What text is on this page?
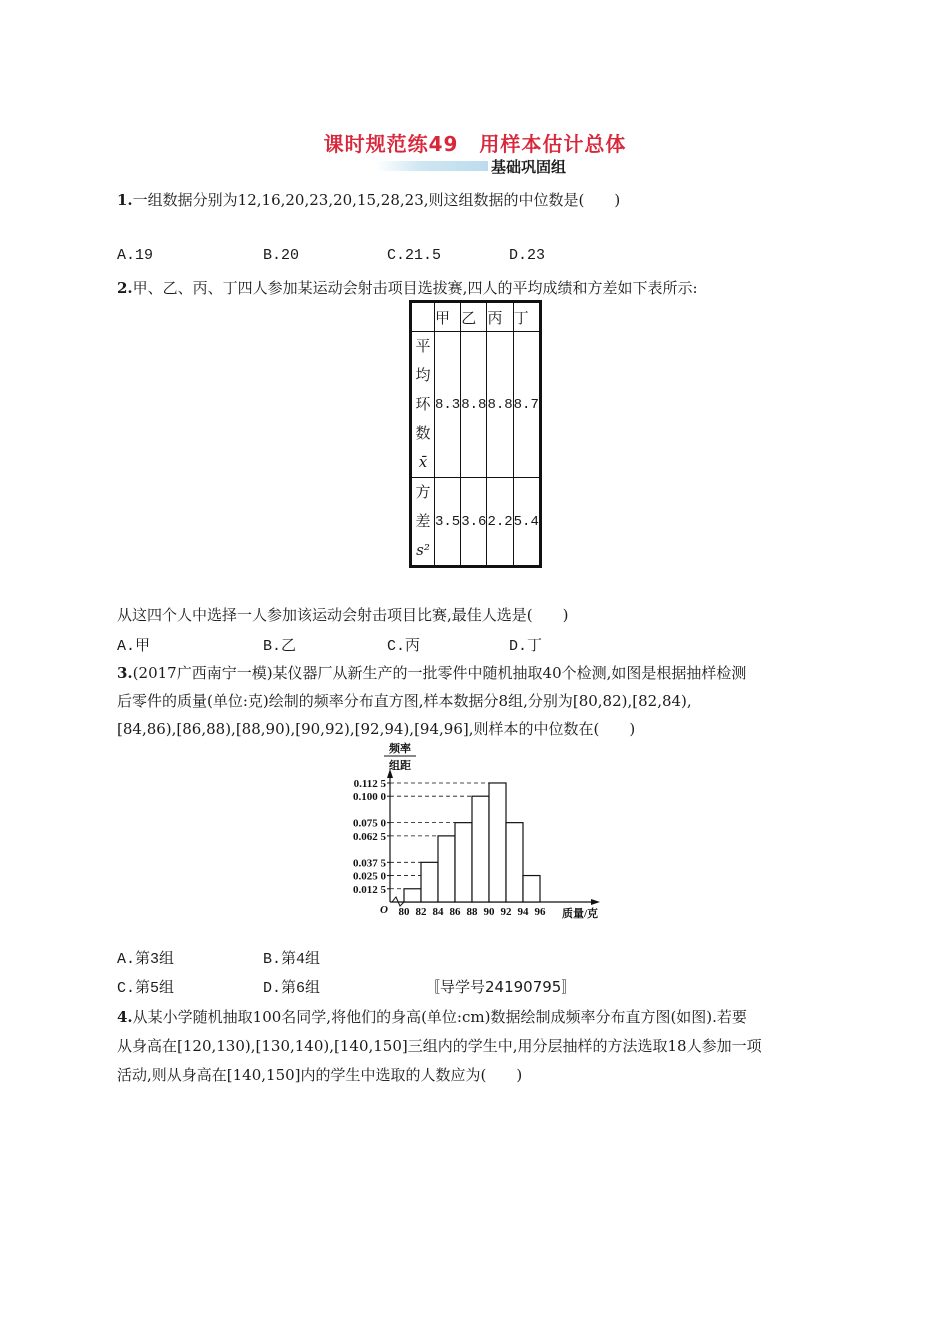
课时规范练49　用样本估计总体
基础巩固组
1.一组数据分别为12,16,20,23,20,15,28,23,则这组数据的中位数是(　　)
A.19	B.20	C.21.5	D.23
2.甲、乙、丙、丁四人参加某运动会射击项目选拔赛,四人的平均成绩和方差如下表所示:
	甲	乙	丙	丁

平
均
环
数
x̄	8.3	8.8	8.8	8.7

方
差
s²	3.5	3.6	2.2	5.4
从这四个人中选择一人参加该运动会射击项目比赛,最佳人选是(　　)
A.甲	B.乙	C.丙	D.丁
3.(2017广西南宁一模)某仪器厂从新生产的一批零件中随机抽取40个检测,如图是根据抽样检测
后零件的质量(单位:克)绘制的频率分布直方图,样本数据分8组,分别为[80,82),[82,84),
[84,86),[86,88),[88,90),[90,92),[92,94),[94,96],则样本的中位数在(　　)
频率
组距
O
0.112 5
0.100 0
0.075 0
0.062 5
0.037 5
0.025 0
0.012 5
80 82 84 86 88 90 92 94 96 质量/克
A.第3组	B.第4组
C.第5组	D.第6组	〚导学号24190795〛
4.从某小学随机抽取100名同学,将他们的身高(单位:cm)数据绘制成频率分布直方图(如图).若要
从身高在[120,130),[130,140),[140,150]三组内的学生中,用分层抽样的方法选取18人参加一项
活动,则从身高在[140,150]内的学生中选取的人数应为(　　)
